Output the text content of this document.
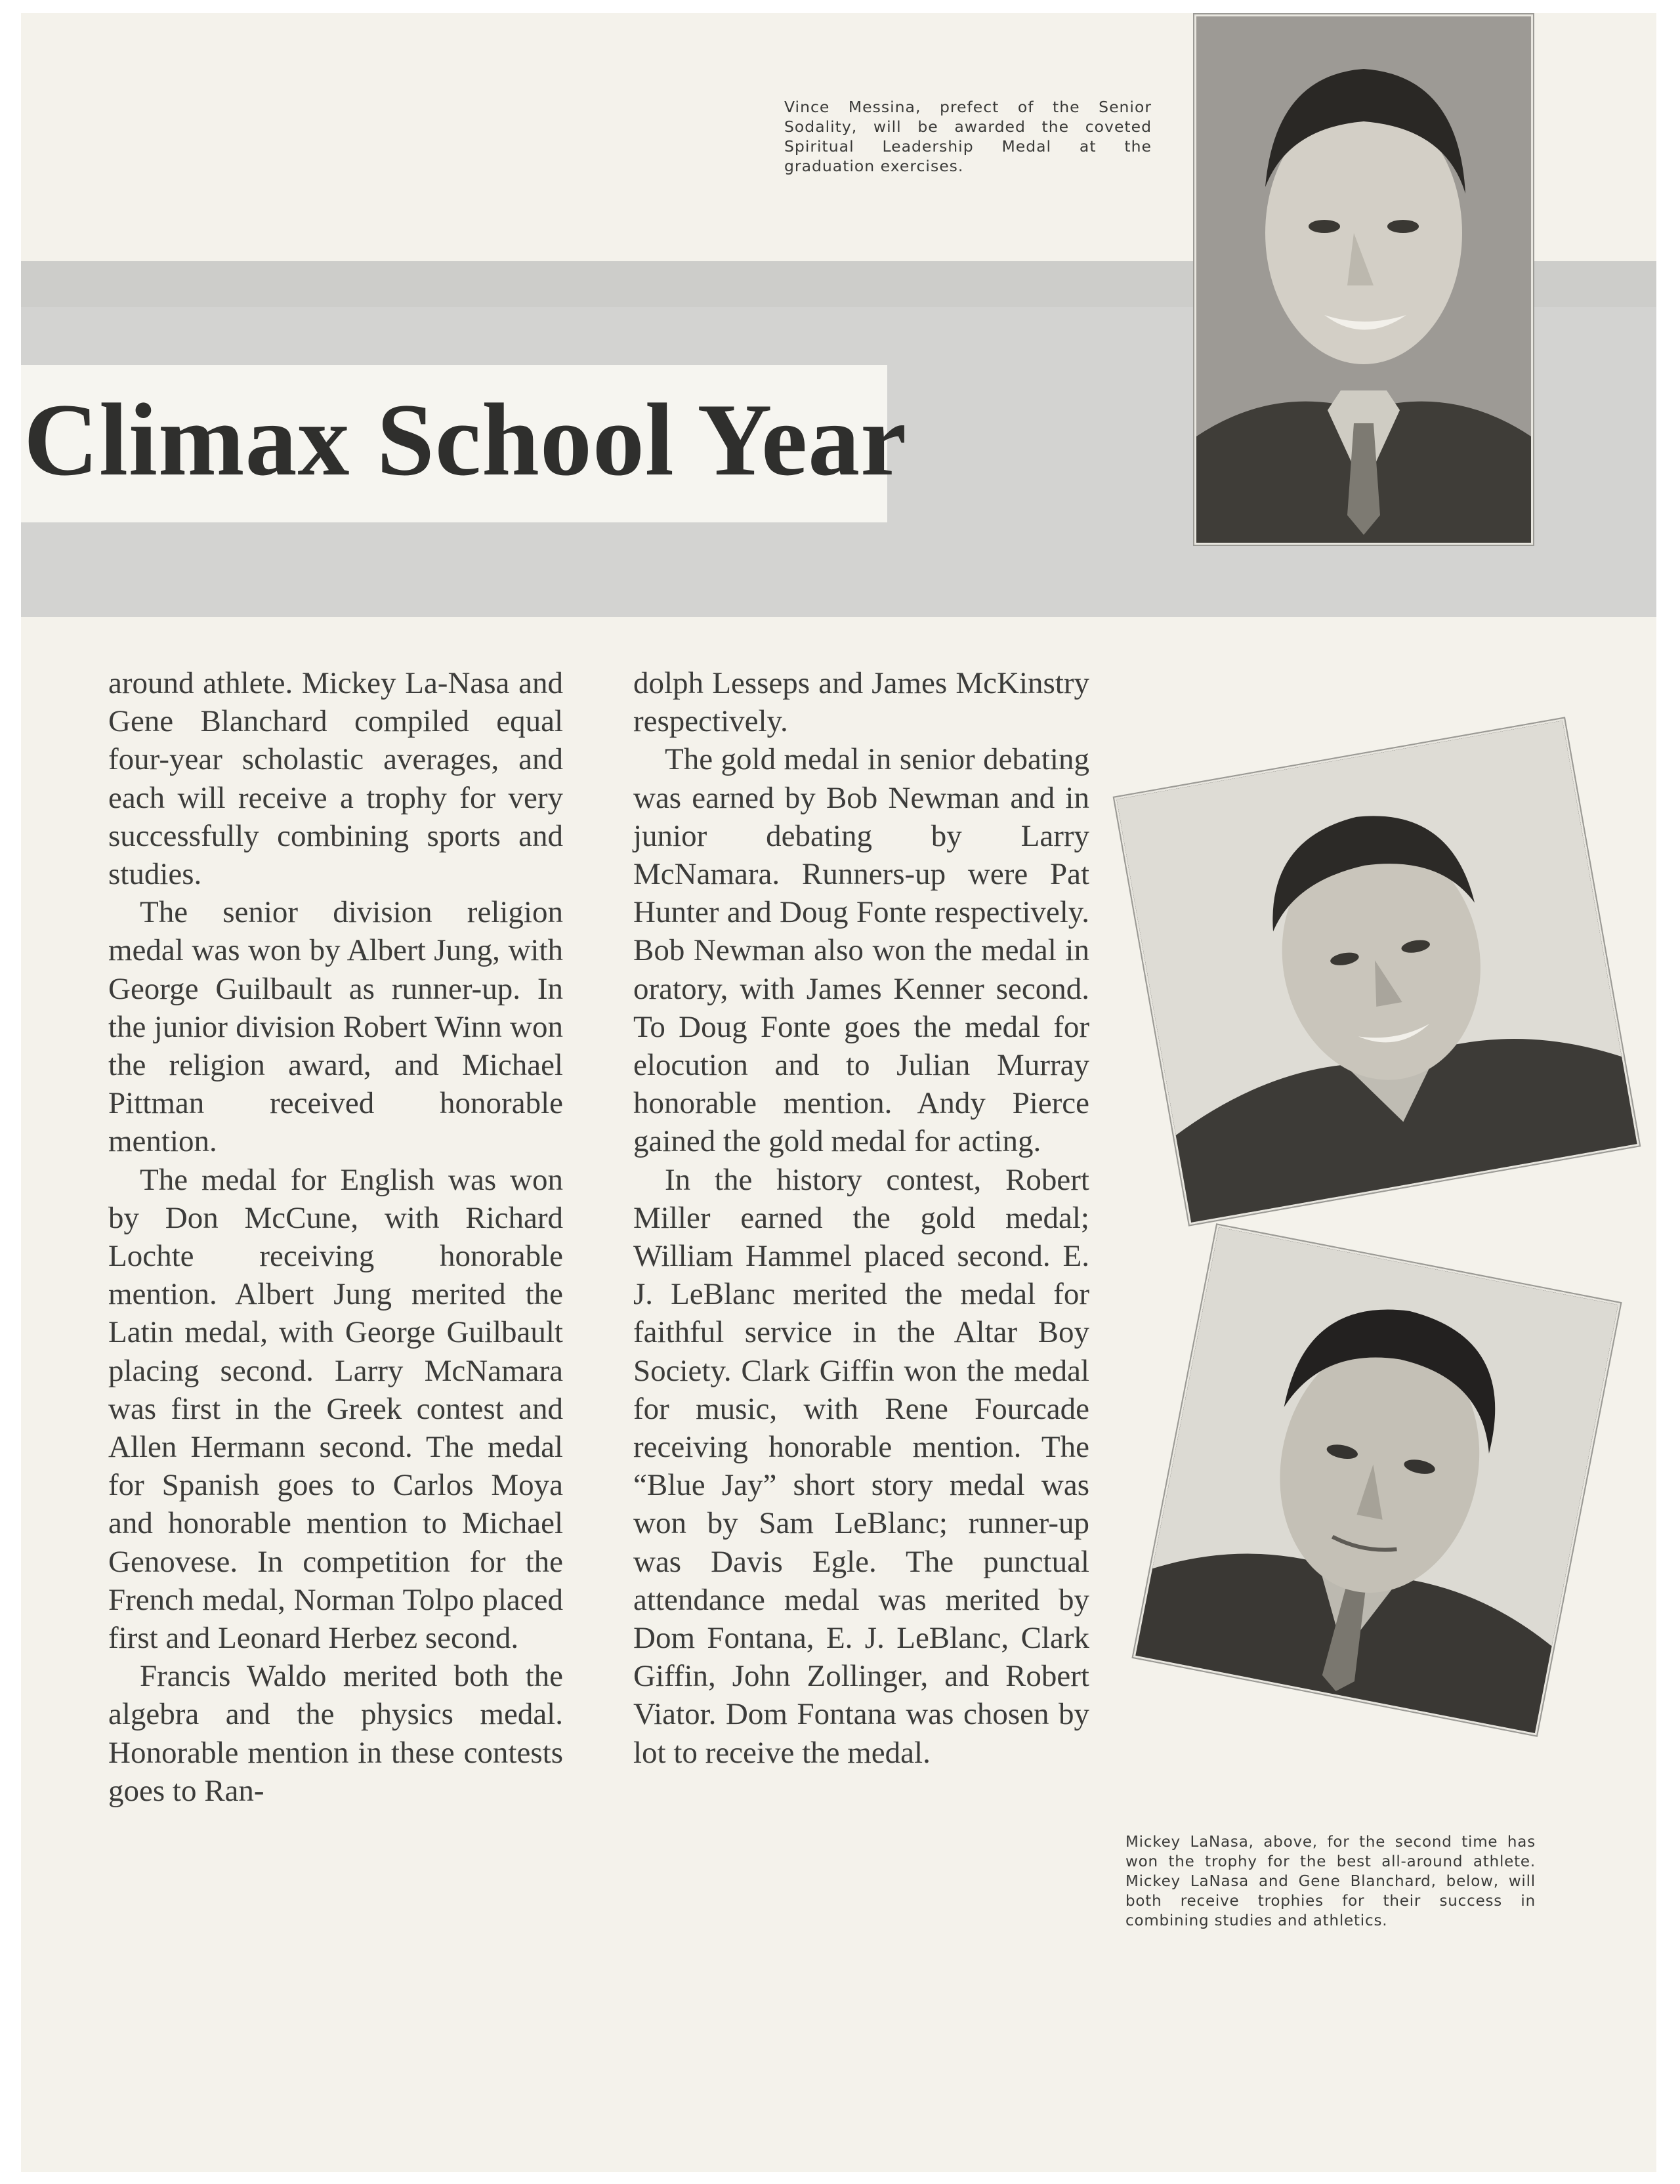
Climax School Year

Vince Messina, prefect of the Senior Sodality, will be awarded the coveted Spiritual Leadership Medal at the graduation exercises.

Mickey LaNasa, above, for the second time has won the trophy for the best all-around athlete. Mickey LaNasa and Gene Blanchard, below, will both receive trophies for their success in combining studies and athletics.

around athlete. Mickey La-Nasa and Gene Blanchard compiled equal four-year scholastic averages, and each will receive a trophy for very successfully combining sports and studies.

The senior division religion medal was won by Albert Jung, with George Guilbault as runner-up. In the junior division Robert Winn won the religion award, and Michael Pittman received honorable mention.

The medal for English was won by Don McCune, with Richard Lochte receiving honorable mention. Albert Jung merited the Latin medal, with George Guilbault placing second. Larry McNamara was first in the Greek contest and Allen Hermann second. The medal for Spanish goes to Carlos Moya and honorable mention to Michael Genovese. In competition for the French medal, Norman Tolpo placed first and Leonard Herbez second.

Francis Waldo merited both the algebra and the physics medal. Honorable mention in these contests goes to Ran-

dolph Lesseps and James McKinstry respectively.

The gold medal in senior debating was earned by Bob Newman and in junior debating by Larry McNamara. Runners-up were Pat Hunter and Doug Fonte respectively. Bob Newman also won the medal in oratory, with James Kenner second. To Doug Fonte goes the medal for elocution and to Julian Murray honorable mention. Andy Pierce gained the gold medal for acting.

In the history contest, Robert Miller earned the gold medal; William Hammel placed second. E. J. LeBlanc merited the medal for faithful service in the Altar Boy Society. Clark Giffin won the medal for music, with Rene Fourcade receiving honorable mention. The “Blue Jay” short story medal was won by Sam LeBlanc; runner-up was Davis Egle. The punctual attendance medal was merited by Dom Fontana, E. J. LeBlanc, Clark Giffin, John Zollinger, and Robert Viator. Dom Fontana was chosen by lot to receive the medal.
